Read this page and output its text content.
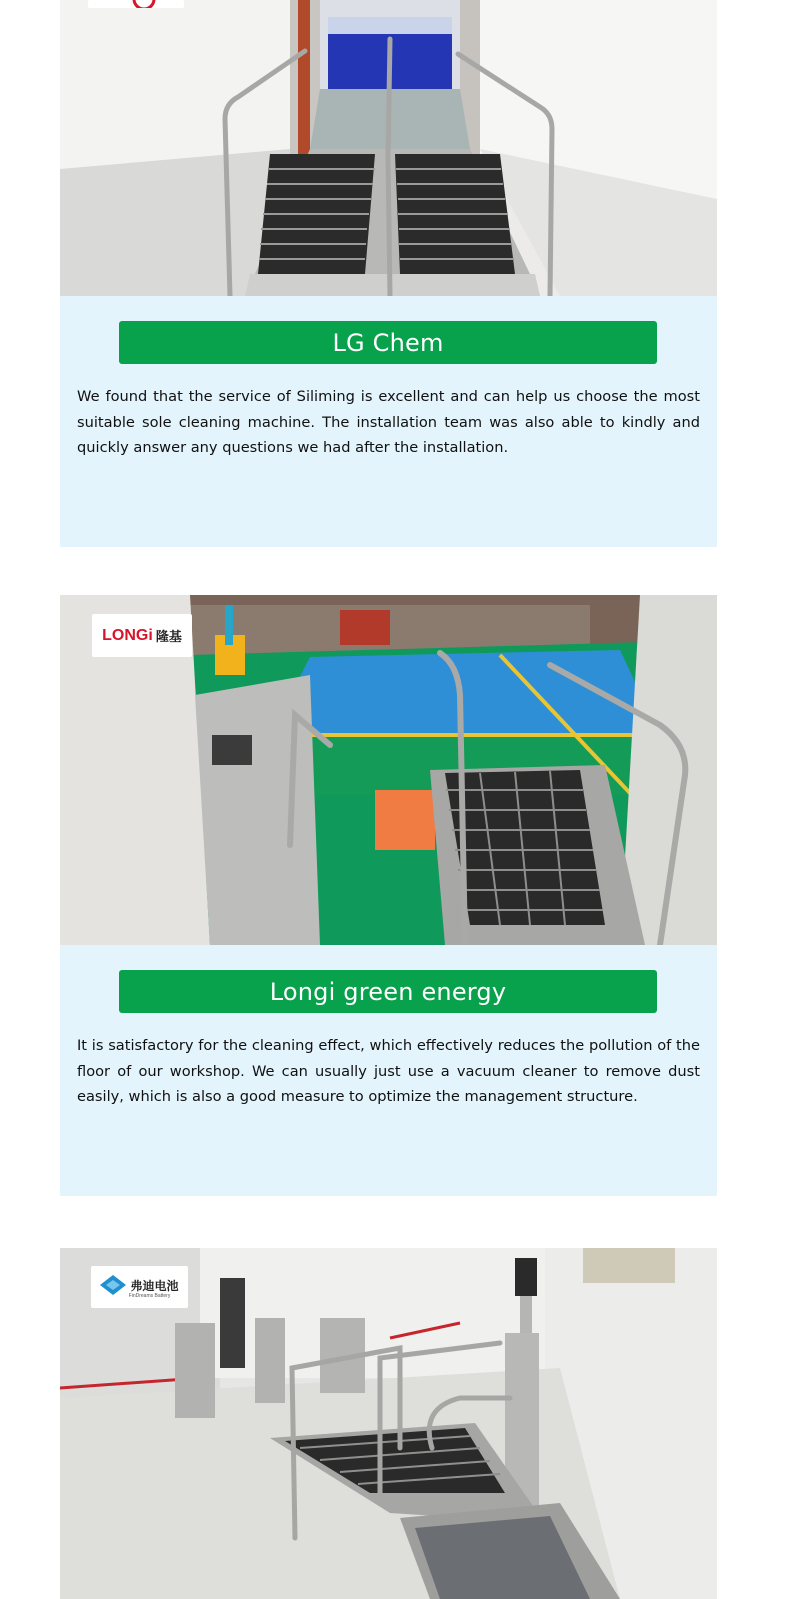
LG Chem

We found that the service of Siliming is excellent and can help us choose the most suitable sole cleaning machine. The installation team was also able to kindly and quickly answer any questions we had after the installation.

LONGi 隆基
Longi green energy

It is satisfactory for the cleaning effect, which effectively reduces the pollution of the floor of our workshop. We can usually just use a vacuum cleaner to remove dust easily, which is also a good measure to optimize the management structure.

弗迪电池
FinDreams Battery
